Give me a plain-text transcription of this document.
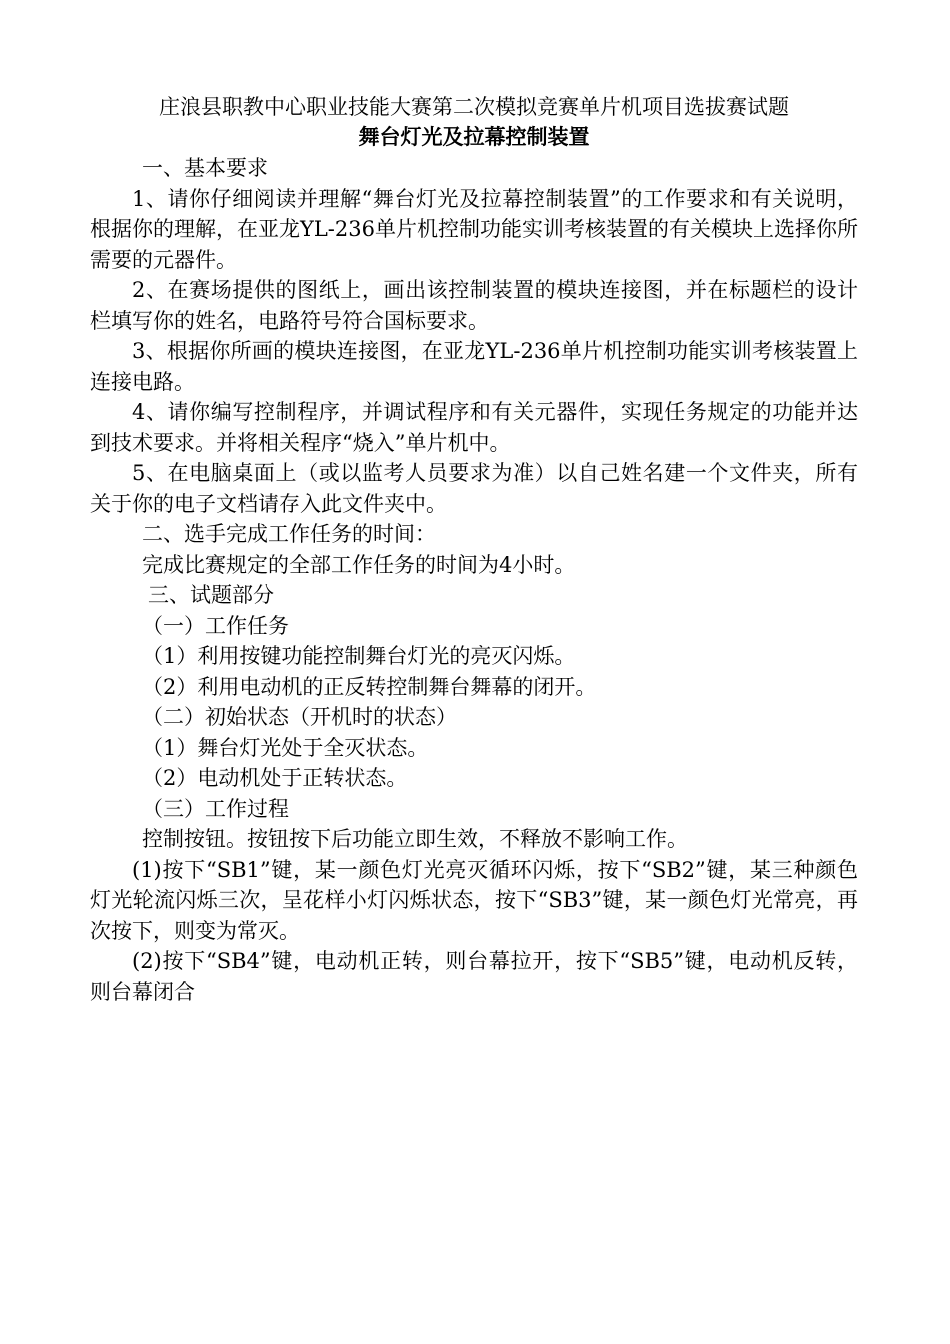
庄浪县职教中心职业技能大赛第二次模拟竞赛单片机项目选拔赛试题

舞台灯光及拉幕控制装置

一、基本要求

1、请你仔细阅读并理解“舞台灯光及拉幕控制装置”的工作要求和有关说明，根据你的理解，在亚龙YL-236单片机控制功能实训考核装置的有关模块上选择你所需要的元器件。

2、在赛场提供的图纸上，画出该控制装置的模块连接图，并在标题栏的设计栏填写你的姓名，电路符号符合国标要求。

3、根据你所画的模块连接图，在亚龙YL-236单片机控制功能实训考核装置上连接电路。

4、请你编写控制程序，并调试程序和有关元器件，实现任务规定的功能并达到技术要求。并将相关程序“烧入”单片机中。

5、在电脑桌面上（或以监考人员要求为准）以自己姓名建一个文件夹，所有关于你的电子文档请存入此文件夹中。

二、选手完成工作任务的时间：

完成比赛规定的全部工作任务的时间为4小时。

三、试题部分

（一）工作任务

（1）利用按键功能控制舞台灯光的亮灭闪烁。

（2）利用电动机的正反转控制舞台舞幕的闭开。

（二）初始状态（开机时的状态）

（1）舞台灯光处于全灭状态。

（2）电动机处于正转状态。

（三）工作过程

控制按钮。按钮按下后功能立即生效，不释放不影响工作。

(1)按下“SB1”键，某一颜色灯光亮灭循环闪烁，按下“SB2”键，某三种颜色灯光轮流闪烁三次，呈花样小灯闪烁状态，按下“SB3”键，某一颜色灯光常亮，再次按下，则变为常灭。

(2)按下“SB4”键，电动机正转，则台幕拉开，按下“SB5”键，电动机反转，则台幕闭合
